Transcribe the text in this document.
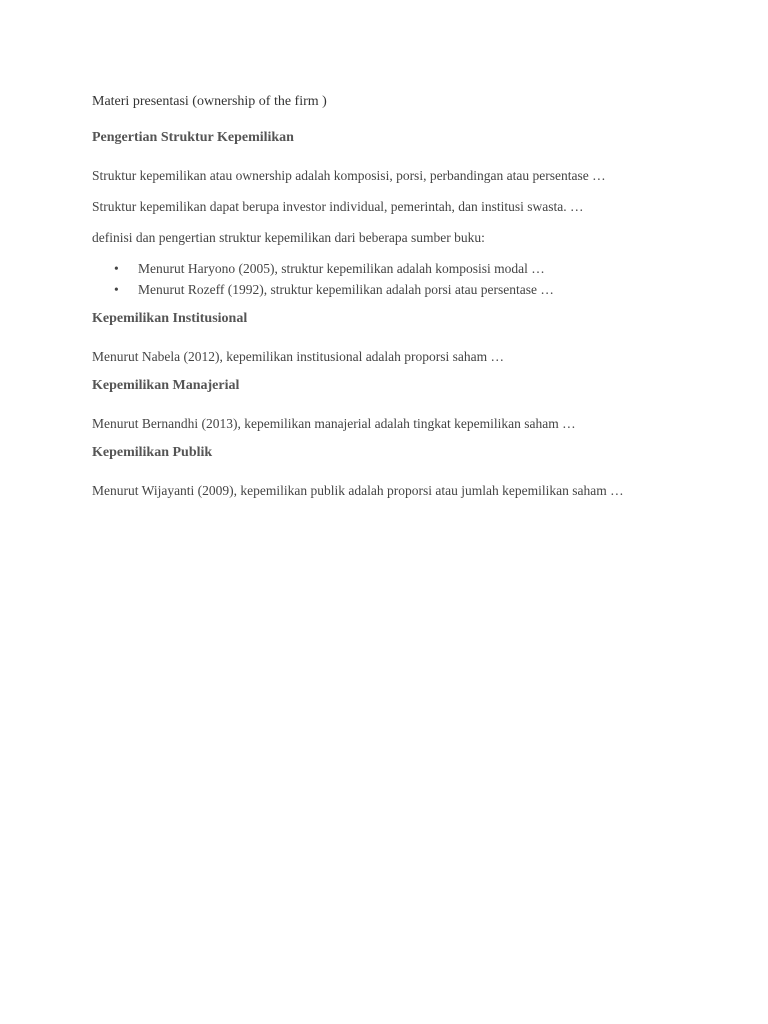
Materi presentasi (ownership of the firm )
Pengertian Struktur Kepemilikan

Struktur kepemilikan atau ownership adalah komposisi, porsi, perbandingan atau persentase …

Struktur kepemilikan dapat berupa investor individual, pemerintah, dan institusi swasta. …

definisi dan pengertian struktur kepemilikan dari beberapa sumber buku:

• Menurut Haryono (2005), struktur kepemilikan adalah komposisi modal …
• Menurut Rozeff (1992), struktur kepemilikan adalah porsi atau persentase …
Kepemilikan Institusional

Menurut Nabela (2012), kepemilikan institusional adalah proporsi saham …

Kepemilikan Manajerial

Menurut Bernandhi (2013), kepemilikan manajerial adalah tingkat kepemilikan saham …

Kepemilikan Publik

Menurut Wijayanti (2009), kepemilikan publik adalah proporsi atau jumlah kepemilikan saham …
